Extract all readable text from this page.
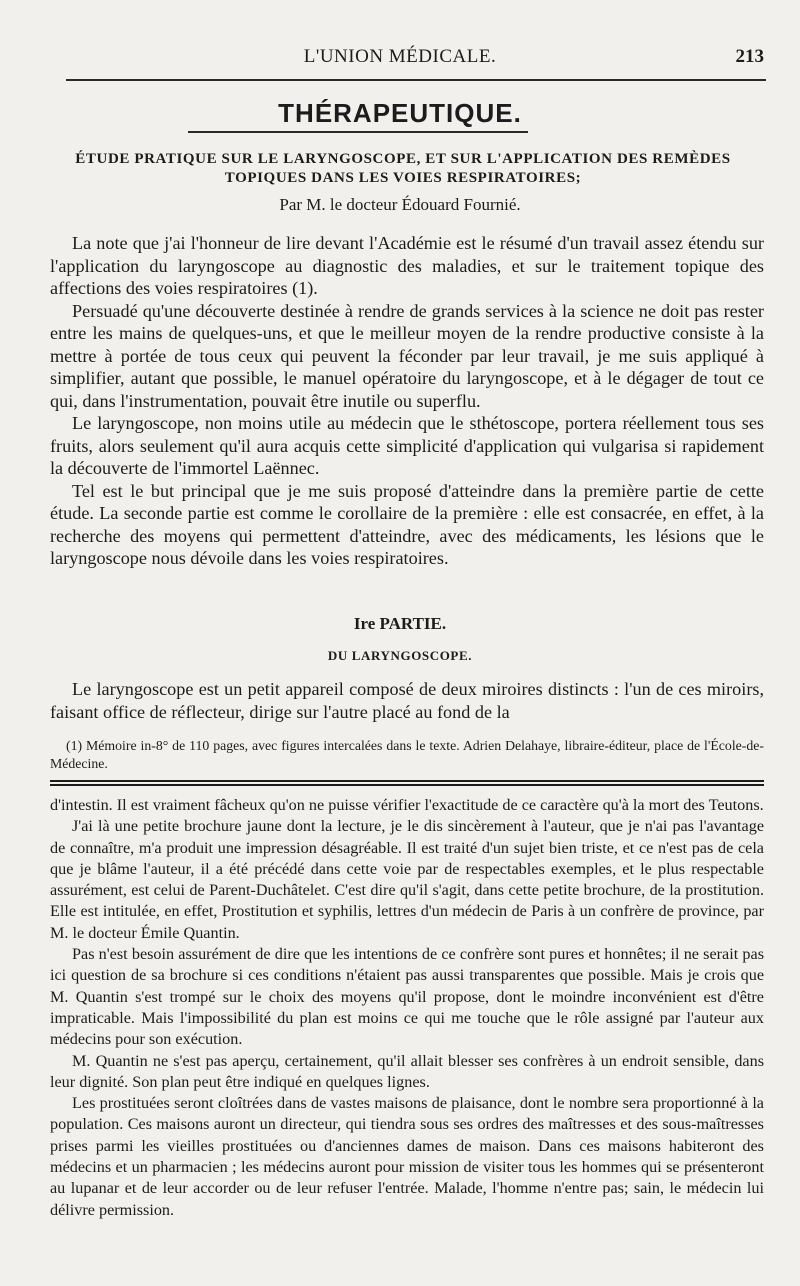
L'UNION MÉDICALE.	213
THÉRAPEUTIQUE.
ÉTUDE PRATIQUE SUR LE LARYNGOSCOPE, ET SUR L'APPLICATION DES REMÈDES TOPIQUES DANS LES VOIES RESPIRATOIRES;
Par M. le docteur Édouard Fournié.

La note que j'ai l'honneur de lire devant l'Académie est le résumé d'un travail assez étendu sur l'application du laryngoscope au diagnostic des maladies, et sur le traitement topique des affections des voies respiratoires (1).

Persuadé qu'une découverte destinée à rendre de grands services à la science ne doit pas rester entre les mains de quelques-uns, et que le meilleur moyen de la rendre productive consiste à la mettre à portée de tous ceux qui peuvent la féconder par leur travail, je me suis appliqué à simplifier, autant que possible, le manuel opératoire du laryngoscope, et à le dégager de tout ce qui, dans l'instrumentation, pouvait être inutile ou superflu.

Le laryngoscope, non moins utile au médecin que le sthétoscope, portera réellement tous ses fruits, alors seulement qu'il aura acquis cette simplicité d'application qui vulgarisa si rapidement la découverte de l'immortel Laënnec.

Tel est le but principal que je me suis proposé d'atteindre dans la première partie de cette étude. La seconde partie est comme le corollaire de la première : elle est consacrée, en effet, à la recherche des moyens qui permettent d'atteindre, avec des médicaments, les lésions que le laryngoscope nous dévoile dans les voies respiratoires.

Ire PARTIE.
DU LARYNGOSCOPE.

Le laryngoscope est un petit appareil composé de deux miroires distincts : l'un de ces miroirs, faisant office de réflecteur, dirige sur l'autre placé au fond de la

(1) Mémoire in-8° de 110 pages, avec figures intercalées dans le texte. Adrien Delahaye, libraire-éditeur, place de l'École-de-Médecine.

d'intestin. Il est vraiment fâcheux qu'on ne puisse vérifier l'exactitude de ce caractère qu'à la mort des Teutons.

J'ai là une petite brochure jaune dont la lecture, je le dis sincèrement à l'auteur, que je n'ai pas l'avantage de connaître, m'a produit une impression désagréable. Il est traité d'un sujet bien triste, et ce n'est pas de cela que je blâme l'auteur, il a été précédé dans cette voie par de respectables exemples, et le plus respectable assurément, est celui de Parent-Duchâtelet. C'est dire qu'il s'agit, dans cette petite brochure, de la prostitution. Elle est intitulée, en effet, Prostitution et syphilis, lettres d'un médecin de Paris à un confrère de province, par M. le docteur Émile Quantin.

Pas n'est besoin assurément de dire que les intentions de ce confrère sont pures et honnêtes; il ne serait pas ici question de sa brochure si ces conditions n'étaient pas aussi transparentes que possible. Mais je crois que M. Quantin s'est trompé sur le choix des moyens qu'il propose, dont le moindre inconvénient est d'être impraticable. Mais l'impossibilité du plan est moins ce qui me touche que le rôle assigné par l'auteur aux médecins pour son exécution.

M. Quantin ne s'est pas aperçu, certainement, qu'il allait blesser ses confrères à un endroit sensible, dans leur dignité. Son plan peut être indiqué en quelques lignes.

Les prostituées seront cloîtrées dans de vastes maisons de plaisance, dont le nombre sera proportionné à la population. Ces maisons auront un directeur, qui tiendra sous ses ordres des maîtresses et des sous-maîtresses prises parmi les vieilles prostituées ou d'anciennes dames de maison. Dans ces maisons habiteront des médecins et un pharmacien ; les médecins auront pour mission de visiter tous les hommes qui se présenteront au lupanar et de leur accorder ou de leur refuser l'entrée. Malade, l'homme n'entre pas; sain, le médecin lui délivre permission.
